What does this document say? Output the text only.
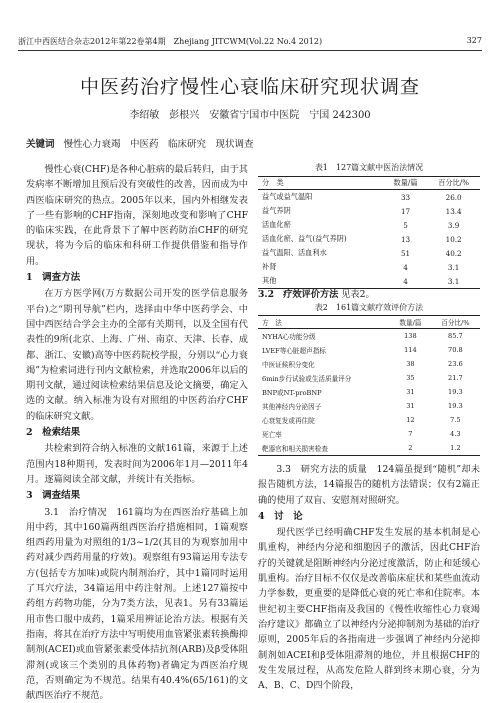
浙江中西医结合杂志2012年第22卷第4期　Zhejiang JITCWM(Vol.22 No.4 2012)	327
中医药治疗慢性心衰临床研究现状调查
李绍敏　彭根兴　安徽省宁国市中医院　宁国 242300
关键词 慢性心力衰竭　中医药　临床研究　现状调查

慢性心衰(CHF)是各种心脏病的最后转归，由于其发病率不断增加且预后没有突破性的改善，因而成为中西医临床研究的热点。2005年以来，国内外相继发表了一些有影响的CHF指南，深刻地改变和影响了CHF的临床实践，在此背景下了解中医药防治CHF的研究现状，将为今后的临床和科研工作提供借鉴和指导作用。

1　调查方法

在万方医学网(万方数据公司开发的医学信息服务平台)之“期刊导航”栏内，选择由中华中医药学会、中国中西医结合学会主办的全部有关期刊，以及全国有代表性的9所(北京、上海、广州、南京、天津、长春、成都、浙江、安徽)高等中医药院校学报，分别以“心力衰竭”为检索词进行刊内文献检索，并选取2006年以后的期刊文献，通过阅读检索结果信息及论文摘要，确定入选的文献。纳入标准为设有对照组的中医药治疗CHF的临床研究文献。

2　检索结果

共检索到符合纳入标准的文献161篇，来源于上述范围内18种期刊，发表时间为2006年1月—2011年4月。逐篇阅读全部文献，并统计有关指标。

3　调查结果

3.1　治疗情况　161篇均为在西医治疗基础上加用中药，其中160篇两组西医治疗措施相同，1篇观察组西药用量为对照组的1/3~1/2(其目的为观察加用中药对减少西药用量的疗效)。观察组有93篇运用专法专方(包括专方加味)或院内制剂治疗，其中1篇同时运用了耳穴疗法，34篇运用中药注射剂。上述127篇按中药组方药物功能，分为7类方法，见表1。另有33篇运用市售口服中成药，1篇采用辨证论治方法。根据有关指南，将其在治疗方法中写明使用血管紧张素转换酶抑制剂(ACEI)或血管紧张素受体拮抗剂(ARB)及β受体阻滞剂(或该三个类别的具体药物)者确定为西医治疗规范，否则确定为不规范。结果有40.4%(65/161)的文献西医治疗不规范。

表1　127篇文献中医治法情况
分　类	数量/篇	百分比/%
益气或益气温阳	33	26.0
益气养阴	17	13.4
活血化瘀	5	3.9
活血化瘀、益气(益气养阴)	13	10.2
益气温阳、活血利水	51	40.2
补肾	4	3.1
其他	4	3.1
3.2　疗效评价方法 见表2。
表2　161篇文献疗效评价方法
方　法	数量/篇	百分比/%
NYHA心功能分级	138	85.7
LVEF等心脏超声指标	114	70.8
中医证候积分变化	38	23.6
6min步行试验或生活质量评分	35	21.7
BNP或NT-proBNP	31	19.3
其他神经内分泌因子	31	19.3
心衰复发或再住院	12	7.5
死亡率	7	4.3
靶器官和相关损害检查	2	1.2

3.3　研究方法的质量　124篇虽提到“随机”却未报告随机方法，14篇报告的随机方法错误；仅有2篇正确的使用了双盲、安慰剂对照研究。

4　讨　论

现代医学已经明确CHF发生发展的基本机制是心肌重构，神经内分泌和细胞因子的激活，因此CHF治疗的关键就是阻断神经内分泌过度激活，防止和延缓心肌重构。治疗目标不仅仅是改善临床症状和某些血流动力学参数，更重要的是降低心衰的死亡率和住院率。本世纪初主要CHF指南及我国的《慢性收缩性心力衰竭治疗建议》都确立了以神经内分泌抑制剂为基础的治疗原则，2005年后的各指南进一步强调了神经内分泌抑制剂如ACEI和β受体阻滞剂的地位，并且根据CHF的发生发展过程，从高发危险人群到终末期心衰，分为A、B、C、D四个阶段，
